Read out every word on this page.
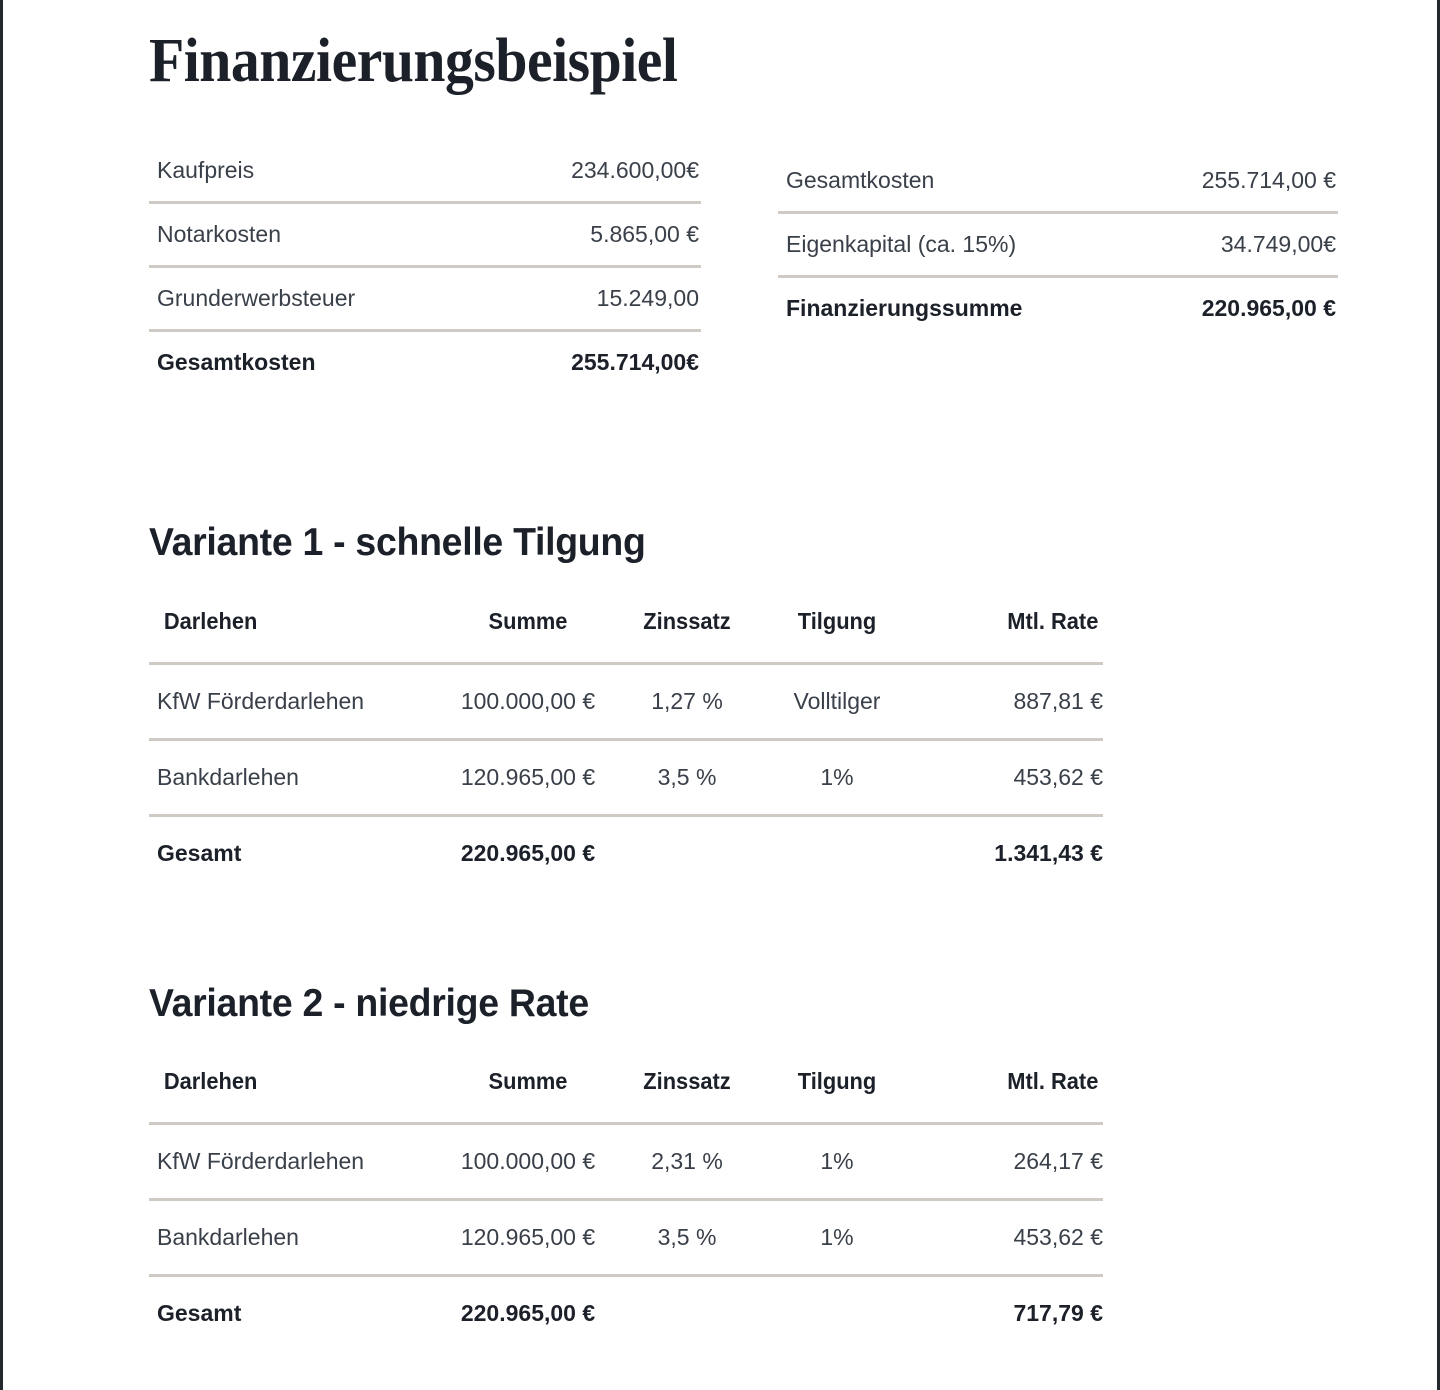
Finanzierungsbeispiel
Kaufpreis	234.600,00€
Notarkosten	5.865,00 €
Grunderwerbsteuer	15.249,00
Gesamtkosten	255.714,00€
Gesamtkosten	255.714,00 €
Eigenkapital (ca. 15%)	34.749,00€
Finanzierungssumme	220.965,00 €
Variante 1 - schnelle Tilgung
Darlehen	Summe	Zinssatz	Tilgung	Mtl. Rate
KfW Förderdarlehen	100.000,00 €	1,27 %	Volltilger	887,81 €
Bankdarlehen	120.965,00 €	3,5 %	1%	453,62 €
Gesamt	220.965,00 €			1.341,43 €
Variante 2 - niedrige Rate
Darlehen	Summe	Zinssatz	Tilgung	Mtl. Rate
KfW Förderdarlehen	100.000,00 €	2,31 %	1%	264,17 €
Bankdarlehen	120.965,00 €	3,5 %	1%	453,62 €
Gesamt	220.965,00 €			717,79 €
